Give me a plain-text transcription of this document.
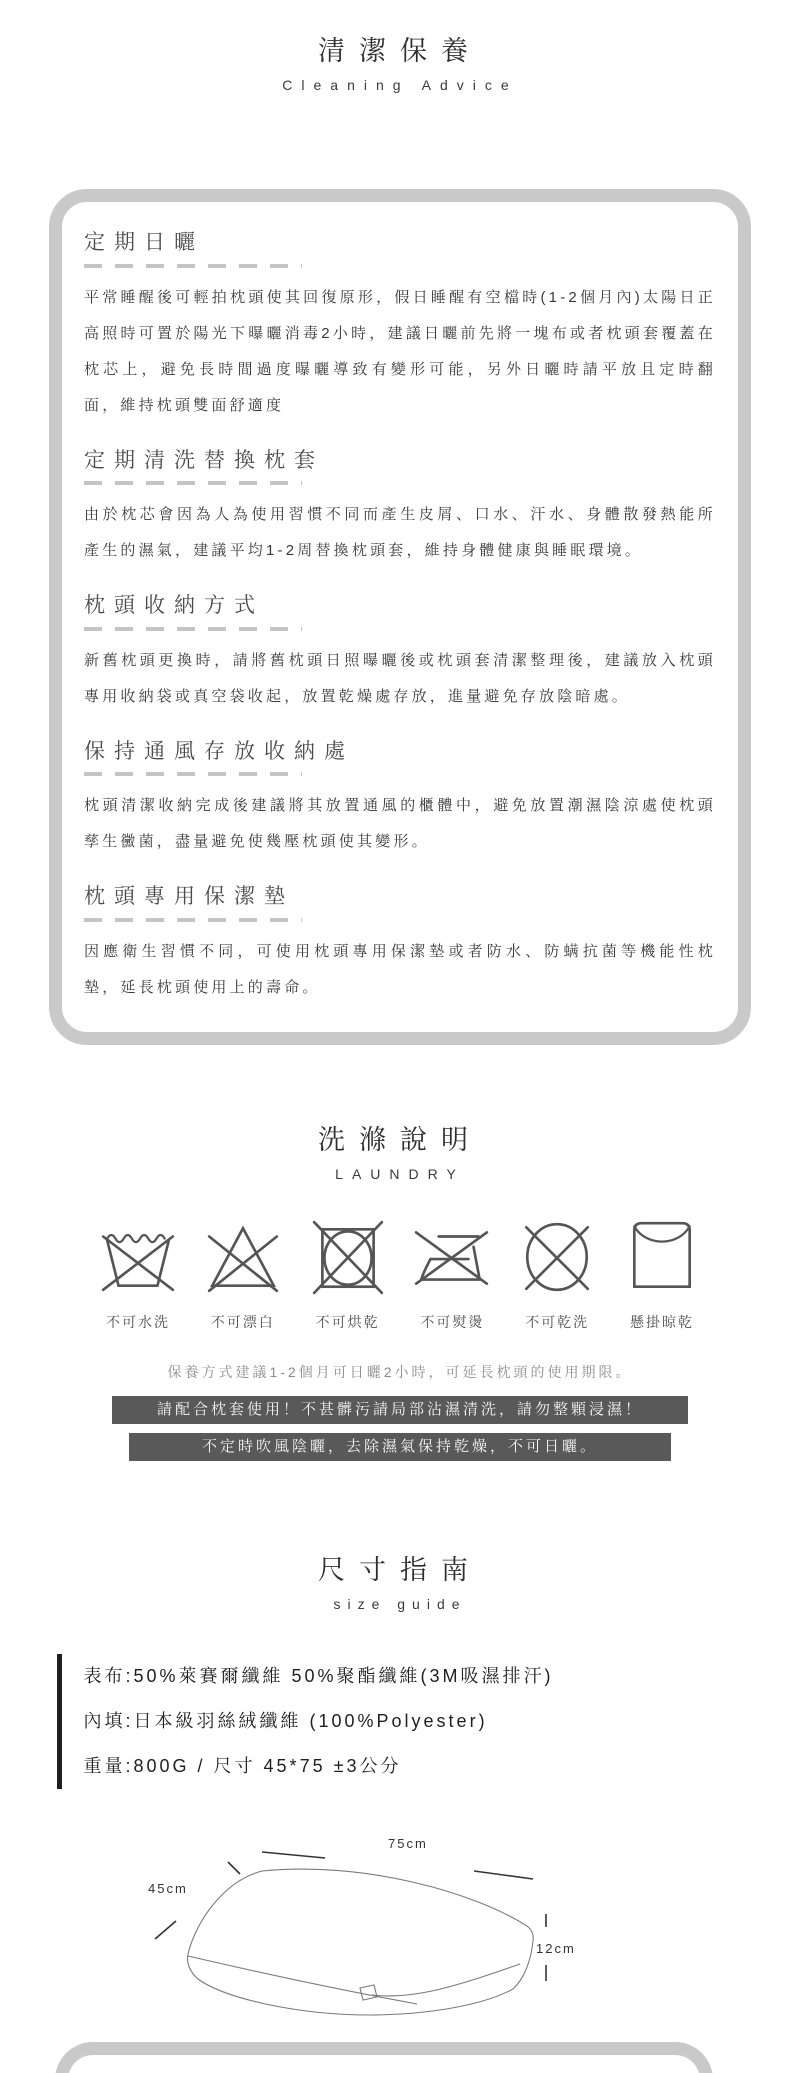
清潔保養
Cleaning Advice
定期日曬
平常睡醒後可輕拍枕頭使其回復原形，假日睡醒有空檔時(1-2個月內)太陽日正高照時可置於陽光下曝曬消毒2小時，建議日曬前先將一塊布或者枕頭套覆蓋在枕芯上，避免長時間過度曝曬導致有變形可能，另外日曬時請平放且定時翻面，維持枕頭雙面舒適度
定期清洗替換枕套
由於枕芯會因為人為使用習慣不同而產生皮屑、口水、汗水、身體散發熱能所產生的濕氣，建議平均1-2周替換枕頭套，維持身體健康與睡眠環境。
枕頭收納方式
新舊枕頭更換時，請將舊枕頭日照曝曬後或枕頭套清潔整理後，建議放入枕頭專用收納袋或真空袋收起，放置乾燥處存放，進量避免存放陰暗處。
保持通風存放收納處
枕頭清潔收納完成後建議將其放置通風的櫃體中，避免放置潮濕陰涼處使枕頭孳生黴菌，盡量避免使幾壓枕頭使其變形。
枕頭專用保潔墊
因應衛生習慣不同，可使用枕頭專用保潔墊或者防水、防螨抗菌等機能性枕墊，延長枕頭使用上的壽命。
洗滌說明
LAUNDRY
不可水洗	不可漂白	不可烘乾	不可熨燙	不可乾洗	懸掛晾乾
保養方式建議1-2個月可日曬2小時，可延長枕頭的使用期限。
請配合枕套使用！不甚髒污請局部沾濕清洗，請勿整顆浸濕！
不定時吹風陰曬，去除濕氣保持乾燥，不可日曬。
尺寸指南
size guide
表布:50%萊賽爾纖維 50%聚酯纖維(3M吸濕排汗)
內填:日本級羽絲絨纖維 (100%Polyester)
重量:800G / 尺寸 45*75 ±3公分
75cm
45cm
12cm
